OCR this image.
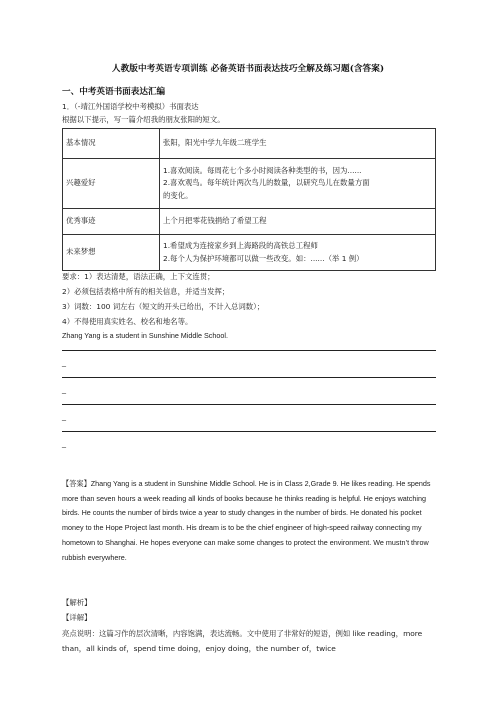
人教版中考英语专项训练 必备英语书面表达技巧全解及练习题(含答案)
一、中考英语书面表达汇编
1．（-靖江外国语学校中考模拟）书面表达
根据以下提示，写一篇介绍我的朋友张阳的短文。
基本情况	张阳，阳光中学九年级二班学生

兴趣爱好	1.喜欢阅读。每周花七个多小时阅读各种类型的书，因为......
2.喜欢观鸟。每年统计两次鸟儿的数量，以研究鸟儿在数量方面
的变化。

优秀事迹	上个月把零花钱捐给了希望工程

未来梦想	1.希望成为连接家乡到上海路段的高铁总工程师
2.每个人为保护环境都可以做一些改变。如：......（举 1 例）
要求：1）表达清楚，语法正确，上下文连贯；
2）必须包括表格中所有的相关信息，并适当发挥；
3）词数：100 词左右（短文的开头已给出，不计入总词数）；
4）不得使用真实姓名、校名和地名等。
Zhang Yang is a student in Sunshine Middle School.
_
_
_
_
【答案】Zhang Yang is a student in Sunshine Middle School. He is in Class 2,Grade 9. He likes reading. He spends more than seven hours a week reading all kinds of books because he thinks reading is helpful. He enjoys watching birds. He counts the number of birds twice a year to study changes in the number of birds. He donated his pocket money to the Hope Project last month. His dream is to be the chief engineer of high-speed railway connecting my hometown to Shanghai. He hopes everyone can make some changes to protect the environment. We mustn’t throw rubbish everywhere.
【解析】
【详解】
亮点说明：这篇习作的层次清晰，内容饱满，表达流畅。文中使用了非常好的短语，例如 like reading，more than，all kinds of，spend time doing，enjoy doing，the number of，twice
